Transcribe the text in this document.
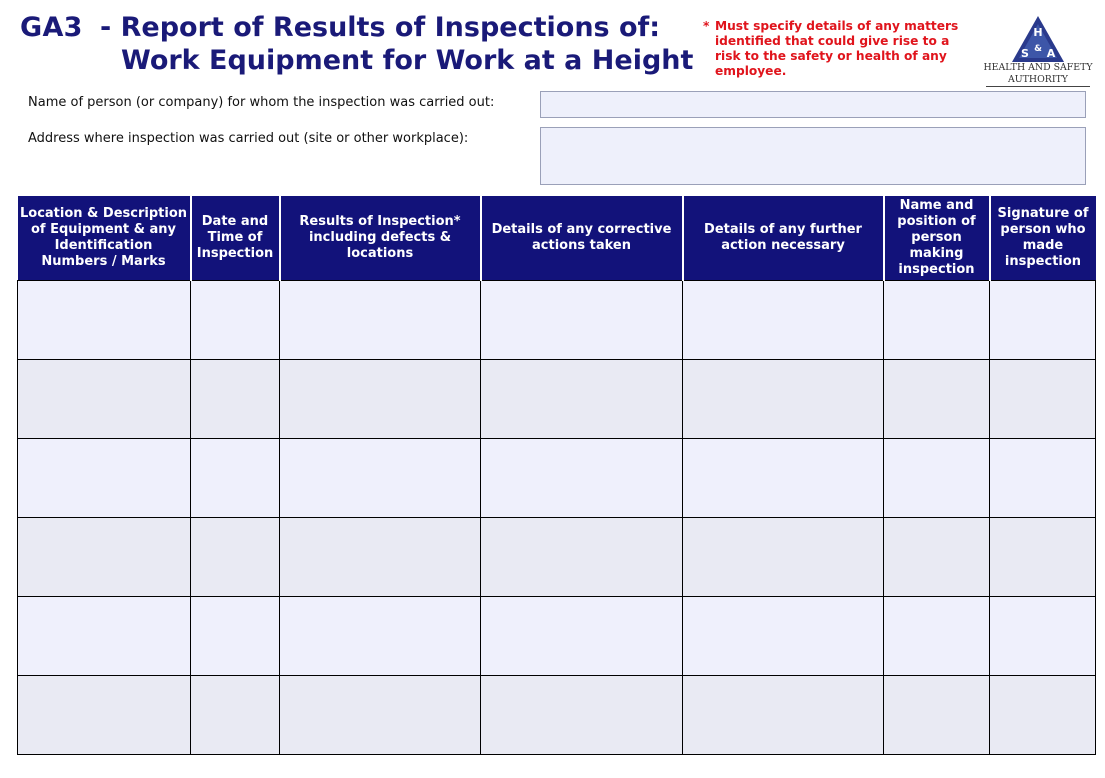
GA3 - Report of Results of Inspections of:
Work Equipment for Work at a Height
* Must specify details of any matters identified that could give rise to a risk to the safety or health of any employee.
H
S & A
HEALTH AND SAFETY
AUTHORITY
Name of person (or company) for whom the inspection was carried out:
Address where inspection was carried out (site or other workplace):
Location & Description of Equipment & any Identification Numbers / Marks	Date and Time of Inspection	Results of Inspection* including defects & locations	Details of any corrective actions taken	Details of any further action necessary	Name and position of person making inspection	Signature of person who made inspection
